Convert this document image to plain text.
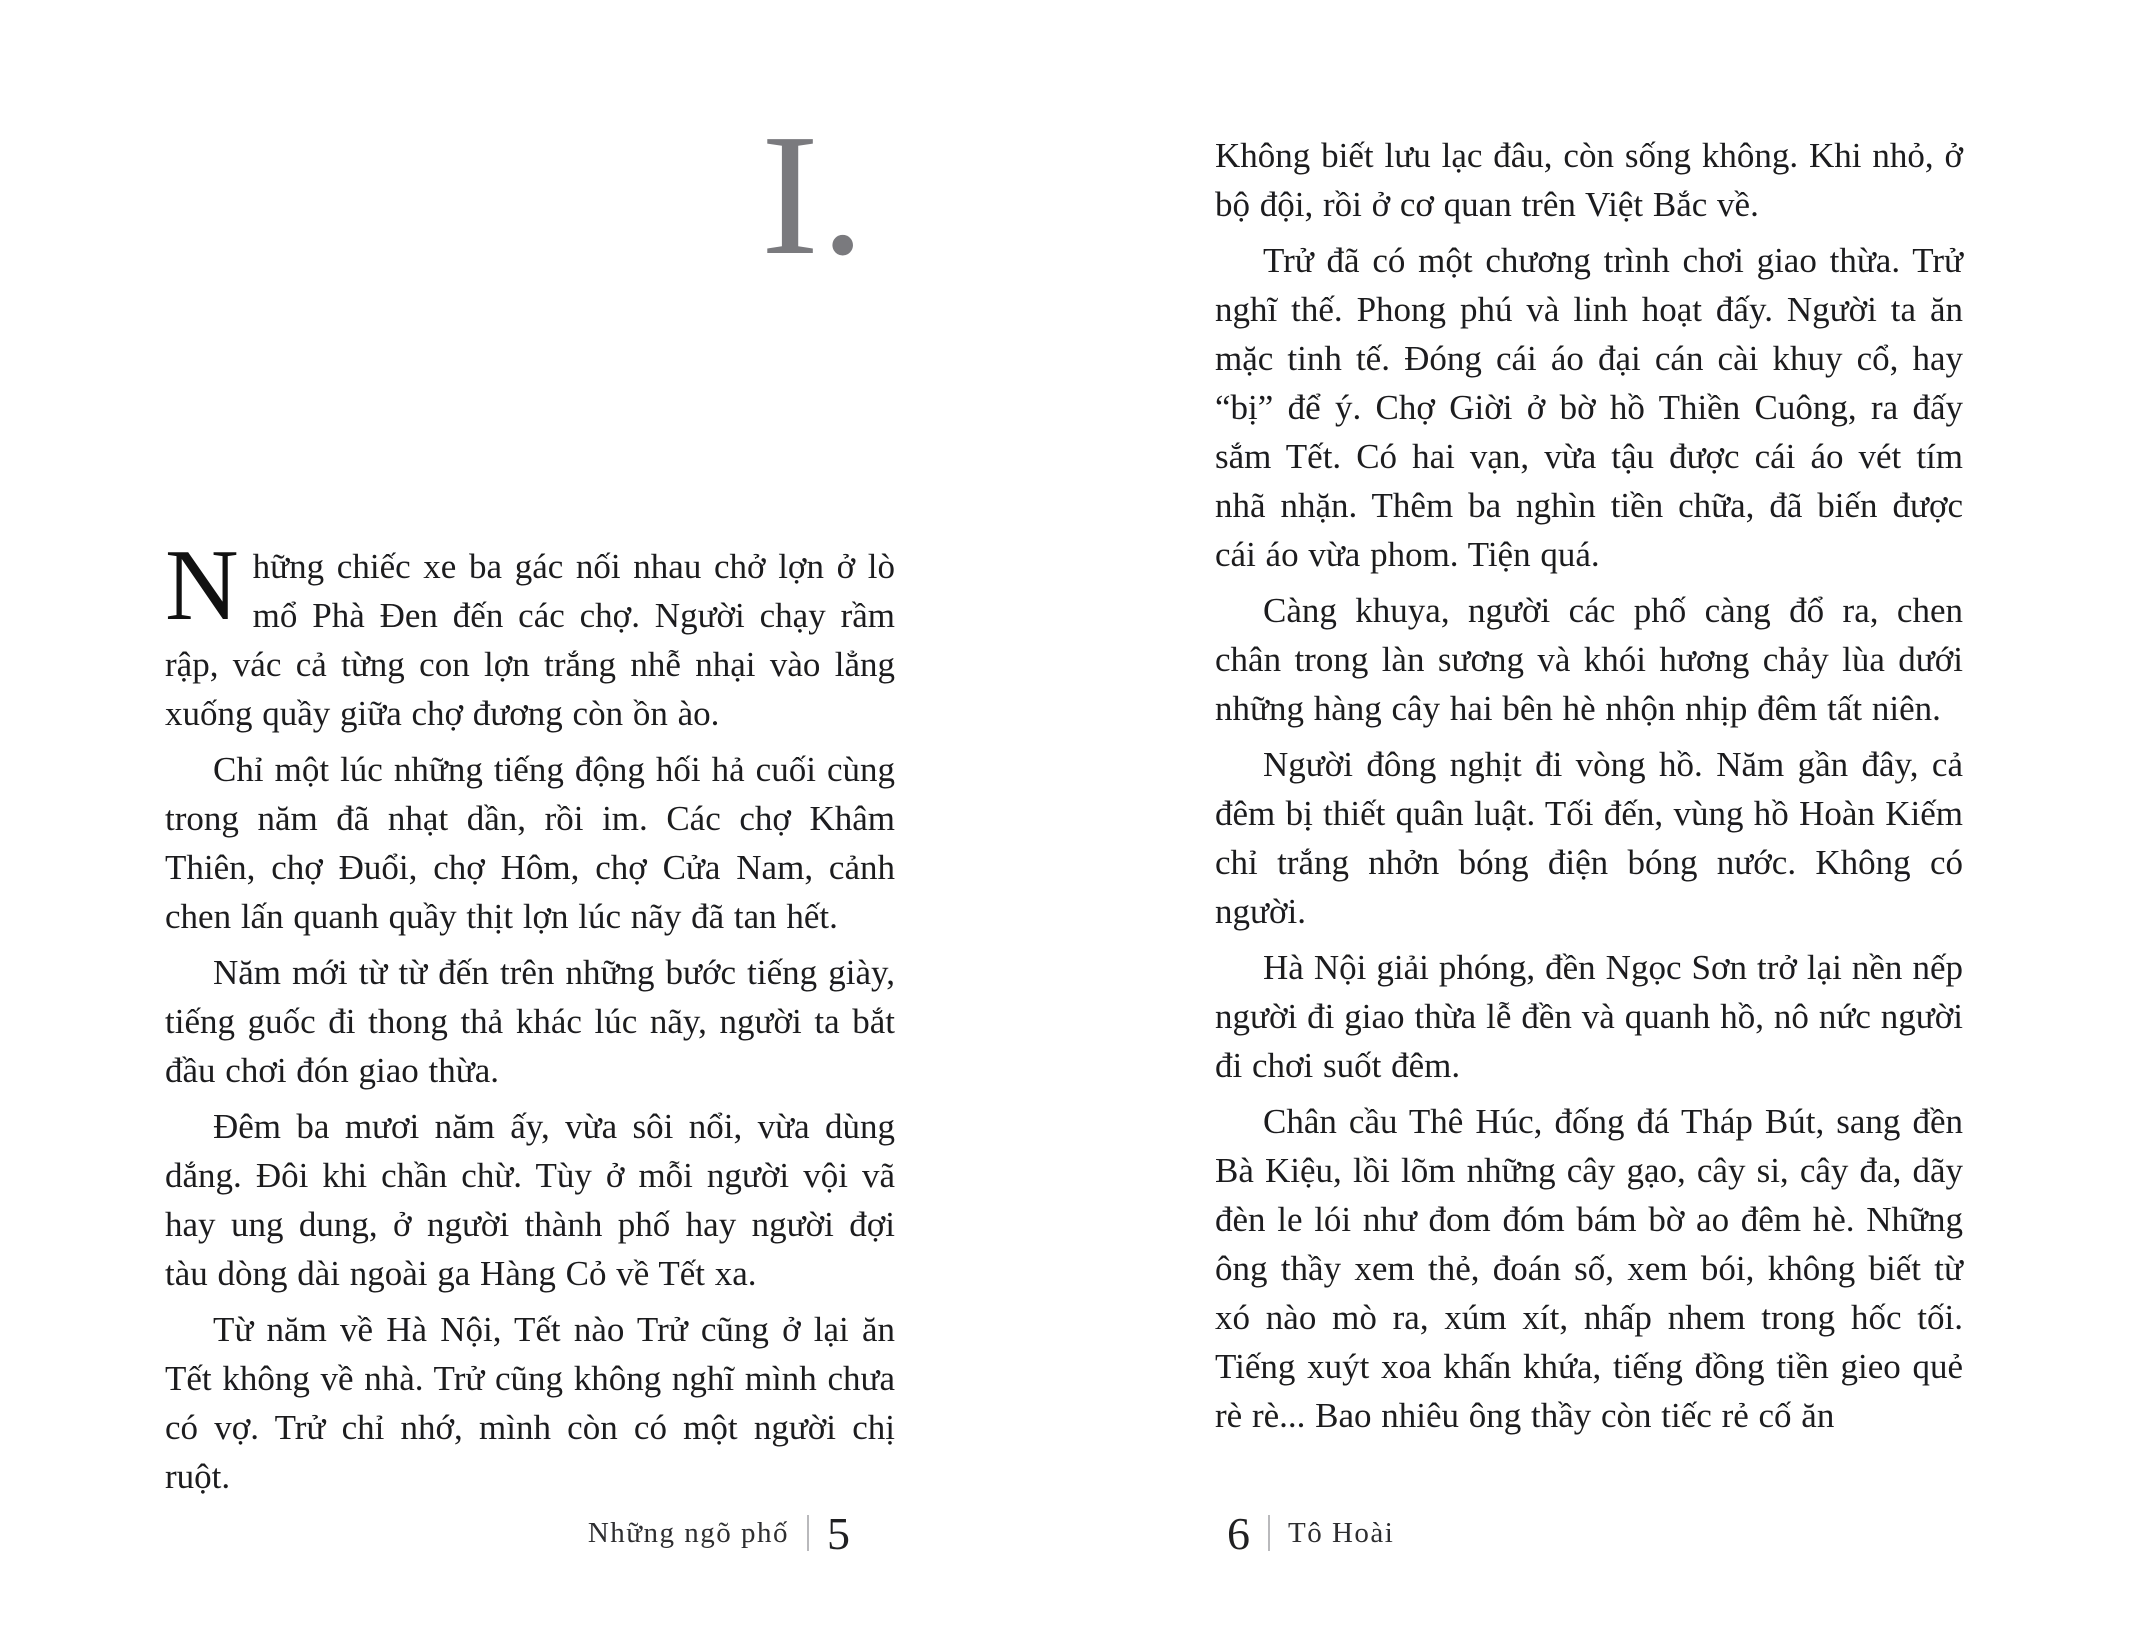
I.

Những chiếc xe ba gác nối nhau chở lợn ở lò mổ Phà Đen đến các chợ. Người chạy rầm rập, vác cả từng con lợn trắng nhễ nhại vào lẳng xuống quầy giữa chợ đương còn ồn ào.

Chỉ một lúc những tiếng động hối hả cuối cùng trong năm đã nhạt dần, rồi im. Các chợ Khâm Thiên, chợ Đuổi, chợ Hôm, chợ Cửa Nam, cảnh chen lấn quanh quầy thịt lợn lúc nãy đã tan hết.

Năm mới từ từ đến trên những bước tiếng giày, tiếng guốc đi thong thả khác lúc nãy, người ta bắt đầu chơi đón giao thừa.

Đêm ba mươi năm ấy, vừa sôi nổi, vừa dùng dắng. Đôi khi chần chừ. Tùy ở mỗi người vội vã hay ung dung, ở người thành phố hay người đợi tàu dòng dài ngoài ga Hàng Cỏ về Tết xa.

Từ năm về Hà Nội, Tết nào Trử cũng ở lại ăn Tết không về nhà. Trử cũng không nghĩ mình chưa có vợ. Trử chỉ nhớ, mình còn có một người chị ruột.

Những ngõ phố 5

Không biết lưu lạc đâu, còn sống không. Khi nhỏ, ở bộ đội, rồi ở cơ quan trên Việt Bắc về.

Trử đã có một chương trình chơi giao thừa. Trử nghĩ thế. Phong phú và linh hoạt đấy. Người ta ăn mặc tinh tế. Đóng cái áo đại cán cài khuy cổ, hay “bị” để ý. Chợ Giời ở bờ hồ Thiền Cuông, ra đấy sắm Tết. Có hai vạn, vừa tậu được cái áo vét tím nhã nhặn. Thêm ba nghìn tiền chữa, đã biến được cái áo vừa phom. Tiện quá.

Càng khuya, người các phố càng đổ ra, chen chân trong làn sương và khói hương chảy lùa dưới những hàng cây hai bên hè nhộn nhịp đêm tất niên.

Người đông nghịt đi vòng hồ. Năm gần đây, cả đêm bị thiết quân luật. Tối đến, vùng hồ Hoàn Kiếm chỉ trắng nhởn bóng điện bóng nước. Không có người.

Hà Nội giải phóng, đền Ngọc Sơn trở lại nền nếp người đi giao thừa lễ đền và quanh hồ, nô nức người đi chơi suốt đêm.

Chân cầu Thê Húc, đống đá Tháp Bút, sang đền Bà Kiệu, lồi lõm những cây gạo, cây si, cây đa, dãy đèn le lói như đom đóm bám bờ ao đêm hè. Những ông thầy xem thẻ, đoán số, xem bói, không biết từ xó nào mò ra, xúm xít, nhấp nhem trong hốc tối. Tiếng xuýt xoa khấn khứa, tiếng đồng tiền gieo quẻ rè rè... Bao nhiêu ông thầy còn tiếc rẻ cố ăn

6 Tô Hoài
